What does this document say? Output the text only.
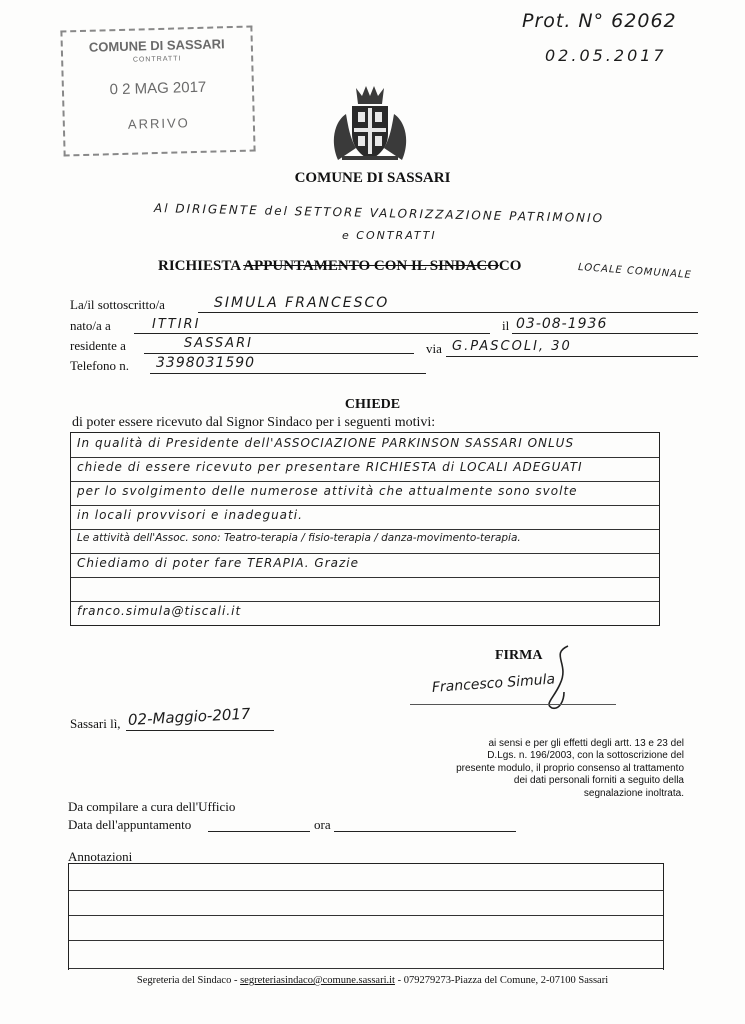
COMUNE DI SASSARI
CONTRATTI
0 2 MAG 2017
ARRIVO
Prot. N° 62062
02.05.2017
COMUNE DI SASSARI
Al DIRIGENTE del SETTORE VALORIZZAZIONE PATRIMONIO
e CONTRATTI
RICHIESTA APPUNTAMENTO CON IL SINDACOCO	LOCALE COMUNALE
La/il sottoscritto/a	SIMULA FRANCESCO
nato/a a	ITTIRI	il 03-08-1936
residente a	SASSARI	via G.PASCOLI, 30
Telefono n. 3398031590
CHIEDE
di poter essere ricevuto dal Signor Sindaco per i seguenti motivi:
In qualità di Presidente dell'ASSOCIAZIONE PARKINSON SASSARI ONLUS
chiede di essere ricevuto per presentare RICHIESTA di LOCALI ADEGUATI
per lo svolgimento delle numerose attività che attualmente sono svolte
in locali provvisori e inadeguati.
Le attività dell'Assoc. sono: Teatro-terapia / fisio-terapia / danza-movimento-terapia.
Chiediamo di poter fare TERAPIA. Grazie
franco.simula@tiscali.it
FIRMA
Francesco Simula
Sassari lì, 02-Maggio-2017
ai sensi e per gli effetti degli artt. 13 e 23 del
D.Lgs. n. 196/2003, con la sottoscrizione del
presente modulo, il proprio consenso al trattamento
dei dati personali forniti a seguito della
segnalazione inoltrata.
Da compilare a cura dell'Ufficio
Data dell'appuntamento	ora
Annotazioni
Segreteria del Sindaco - segreteriasindaco@comune.sassari.it - 079279273-Piazza del Comune, 2-07100 Sassari
